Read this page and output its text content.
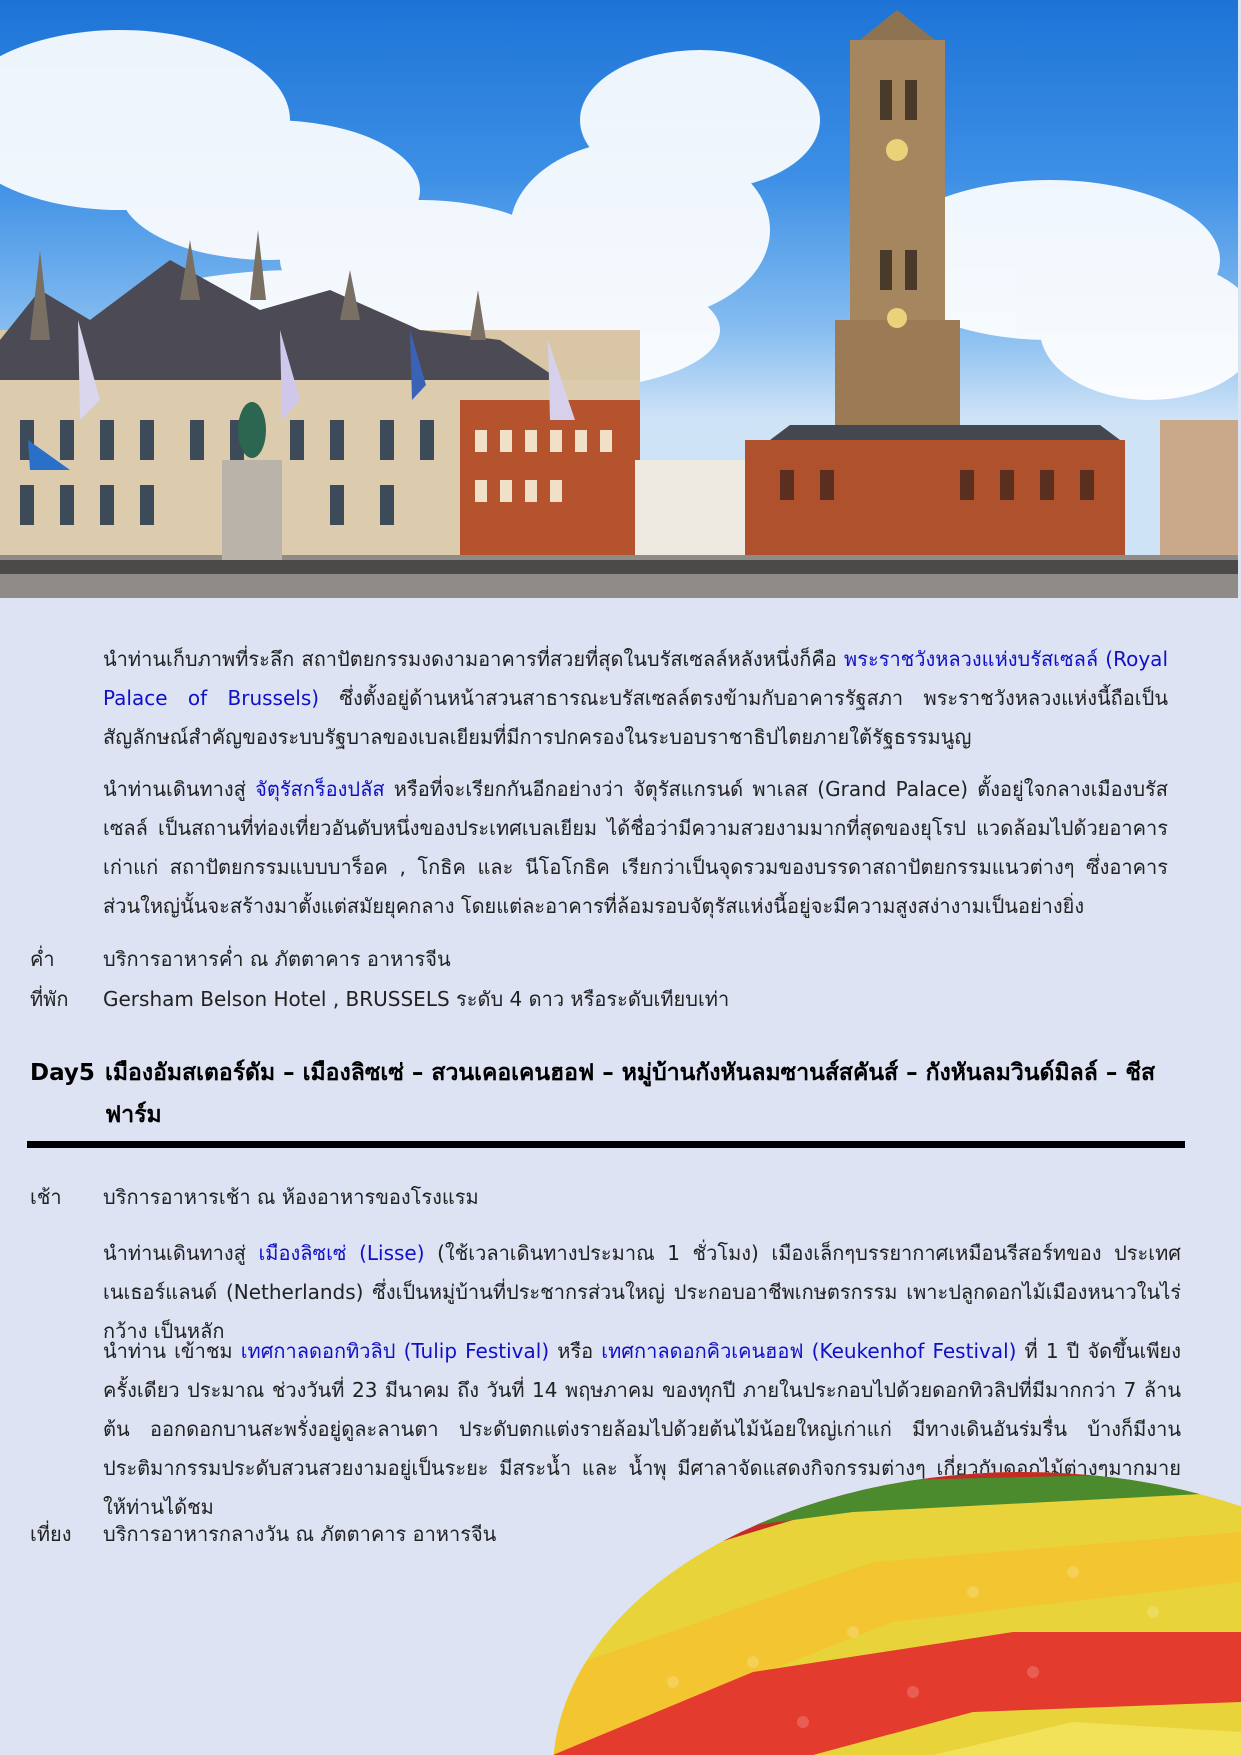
นำท่านเก็บภาพที่ระลึก สถาปัตยกรรมงดงามอาคารที่สวยที่สุดในบรัสเซลล์หลังหนึ่งก็คือ พระราชวังหลวงแห่งบรัสเซลล์ (Royal Palace of Brussels) ซึ่งตั้งอยู่ด้านหน้าสวนสาธารณะบรัสเซลล์ตรงข้ามกับอาคารรัฐสภา พระราชวังหลวงแห่งนี้ถือเป็นสัญลักษณ์สำคัญของระบบรัฐบาลของเบลเยียมที่มีการปกครองในระบอบราชาธิปไตยภายใต้รัฐธรรมนูญ
นำท่านเดินทางสู่ จัตุรัสกร็องปลัส หรือที่จะเรียกกันอีกอย่างว่า จัตุรัสแกรนด์ พาเลส (Grand Palace) ตั้งอยู่ใจกลางเมืองบรัสเซลล์ เป็นสถานที่ท่องเที่ยวอันดับหนึ่งของประเทศเบลเยียม ได้ชื่อว่ามีความสวยงามมากที่สุดของยุโรป แวดล้อมไปด้วยอาคารเก่าแก่ สถาปัตยกรรมแบบบาร็อค , โกธิค และ นีโอโกธิค เรียกว่าเป็นจุดรวมของบรรดาสถาปัตยกรรมแนวต่างๆ ซึ่งอาคารส่วนใหญ่นั้นจะสร้างมาตั้งแต่สมัยยุคกลาง โดยแต่ละอาคารที่ล้อมรอบจัตุรัสแห่งนี้อยู่จะมีความสูงสง่างามเป็นอย่างยิ่ง
ค่ำ บริการอาหารค่ำ ณ ภัตตาคาร อาหารจีน
ที่พัก Gersham Belson Hotel , BRUSSELS ระดับ 4 ดาว หรือระดับเทียบเท่า
Day5 เมืองอัมสเตอร์ดัม – เมืองลิซเซ่ – สวนเคอเคนฮอฟ – หมู่บ้านกังหันลมซานส์สคันส์ – กังหันลมวินด์มิลล์ – ชีสฟาร์ม
เช้า บริการอาหารเช้า ณ ห้องอาหารของโรงแรม
นำท่านเดินทางสู่ เมืองลิซเซ่ (Lisse) (ใช้เวลาเดินทางประมาณ 1 ชั่วโมง) เมืองเล็กๆบรรยากาศเหมือนรีสอร์ทของ ประเทศเนเธอร์แลนด์ (Netherlands) ซึ่งเป็นหมู่บ้านที่ประชากรส่วนใหญ่ ประกอบอาชีพเกษตรกรรม เพาะปลูกดอกไม้เมืองหนาวในไร่กว้าง เป็นหลัก
นำท่าน เข้าชม เทศกาลดอกทิวลิป (Tulip Festival) หรือ เทศกาลดอกคิวเคนฮอฟ (Keukenhof Festival) ที่ 1 ปี จัดขึ้นเพียงครั้งเดียว ประมาณ ช่วงวันที่ 23 มีนาคม ถึง วันที่ 14 พฤษภาคม ของทุกปี ภายในประกอบไปด้วยดอกทิวลิปที่มีมากกว่า 7 ล้านต้น ออกดอกบานสะพรั่งอยู่ดูละลานตา ประดับตกแต่งรายล้อมไปด้วยต้นไม้น้อยใหญ่เก่าแก่ มีทางเดินอันร่มรื่น บ้างก็มีงานประติมากรรมประดับสวนสวยงามอยู่เป็นระยะ มีสระน้ำ และ น้ำพุ มีศาลาจัดแสดงกิจกรรมต่างๆ เกี่ยวกับดอกไม้ต่างๆมากมายให้ท่านได้ชม
เที่ยง บริการอาหารกลางวัน ณ ภัตตาคาร อาหารจีน
